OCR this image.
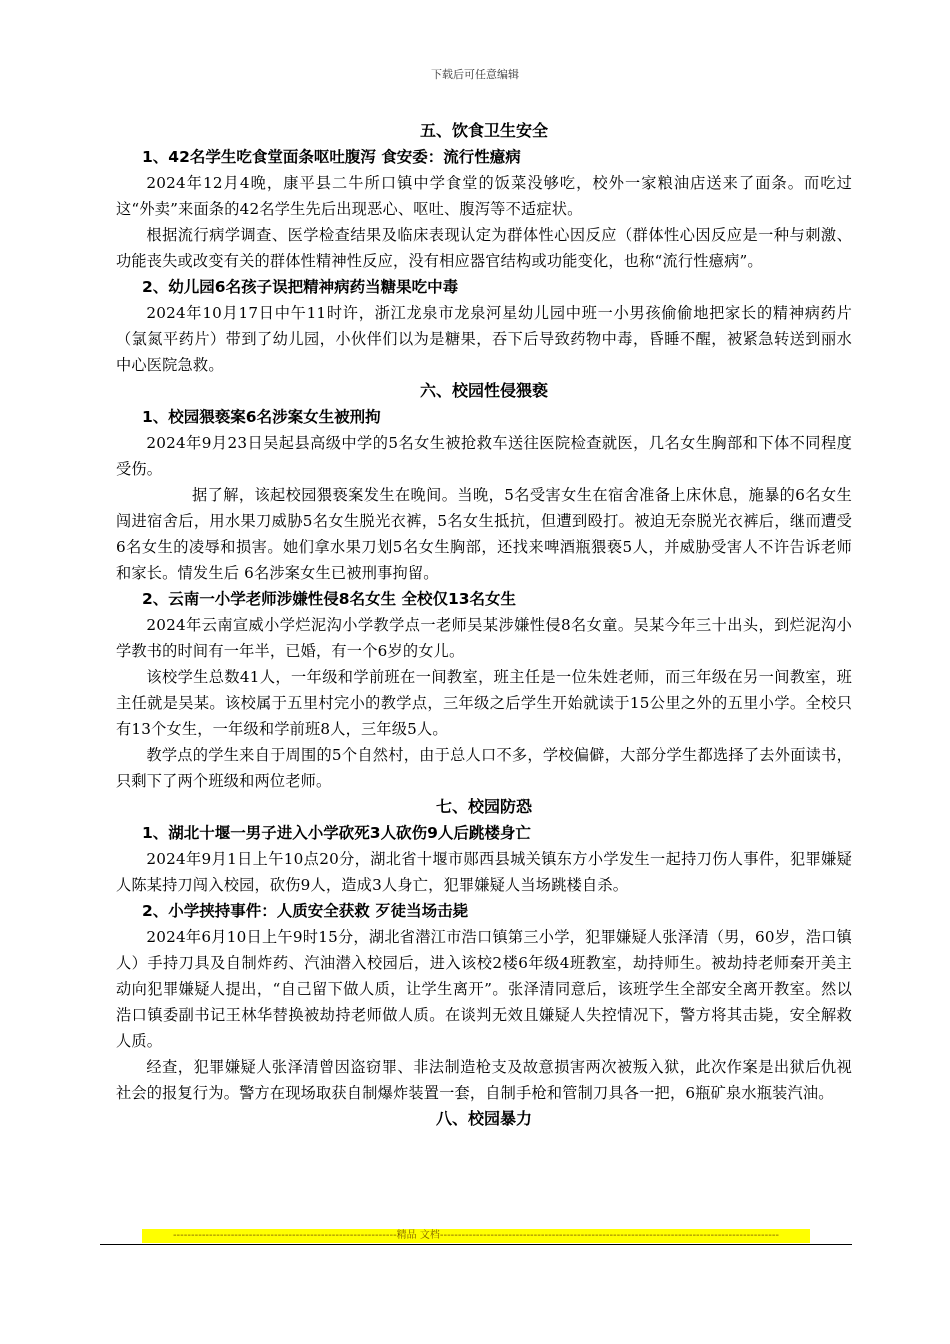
下载后可任意编辑
五、饮食卫生安全
1、42名学生吃食堂面条呕吐腹泻 食安委：流行性癔病

2024年12月4晚，康平县二牛所口镇中学食堂的饭菜没够吃，校外一家粮油店送来了面条。而吃过这“外卖”来面条的42名学生先后出现恶心、呕吐、腹泻等不适症状。

根据流行病学调查、医学检查结果及临床表现认定为群体性心因反应（群体性心因反应是一种与刺激、功能丧失或改变有关的群体性精神性反应，没有相应器官结构或功能变化，也称“流行性癔病”。

2、幼儿园6名孩子误把精神病药当糖果吃中毒

2024年10月17日中午11时许，浙江龙泉市龙泉河星幼儿园中班一小男孩偷偷地把家长的精神病药片（氯氮平药片）带到了幼儿园，小伙伴们以为是糖果，吞下后导致药物中毒，昏睡不醒，被紧急转送到丽水中心医院急救。

六、校园性侵猥亵
1、校园猥亵案6名涉案女生被刑拘

2024年9月23日吴起县高级中学的5名女生被抢救车送往医院检查就医，几名女生胸部和下体不同程度受伤。

据了解，该起校园猥亵案发生在晚间。当晚，5名受害女生在宿舍准备上床休息，施暴的6名女生闯进宿舍后，用水果刀威胁5名女生脱光衣裤，5名女生抵抗，但遭到殴打。被迫无奈脱光衣裤后，继而遭受6名女生的凌辱和损害。她们拿水果刀划5名女生胸部，还找来啤酒瓶猥亵5人，并威胁受害人不许告诉老师和家长。情发生后 6名涉案女生已被刑事拘留。

2、云南一小学老师涉嫌性侵8名女生 全校仅13名女生

2024年云南宣威小学烂泥沟小学教学点一老师吴某涉嫌性侵8名女童。吴某今年三十出头，到烂泥沟小学教书的时间有一年半，已婚，有一个6岁的女儿。

该校学生总数41人，一年级和学前班在一间教室，班主任是一位朱姓老师，而三年级在另一间教室，班主任就是吴某。该校属于五里村完小的教学点，三年级之后学生开始就读于15公里之外的五里小学。全校只有13个女生，一年级和学前班8人，三年级5人。

教学点的学生来自于周围的5个自然村，由于总人口不多，学校偏僻，大部分学生都选择了去外面读书，只剩下了两个班级和两位老师。

七、校园防恐
1、湖北十堰一男子进入小学砍死3人砍伤9人后跳楼身亡

2024年9月1日上午10点20分，湖北省十堰市郧西县城关镇东方小学发生一起持刀伤人事件，犯罪嫌疑人陈某持刀闯入校园，砍伤9人，造成3人身亡，犯罪嫌疑人当场跳楼自杀。

2、小学挟持事件：人质安全获救 歹徒当场击毙

2024年6月10日上午9时15分，湖北省潜江市浩口镇第三小学，犯罪嫌疑人张泽清（男，60岁，浩口镇人）手持刀具及自制炸药、汽油潜入校园后，进入该校2楼6年级4班教室，劫持师生。被劫持老师秦开美主动向犯罪嫌疑人提出，“自己留下做人质，让学生离开”。张泽清同意后，该班学生全部安全离开教室。然以浩口镇委副书记王林华替换被劫持老师做人质。在谈判无效且嫌疑人失控情况下，警方将其击毙，安全解救人质。

经查，犯罪嫌疑人张泽清曾因盗窃罪、非法制造枪支及故意损害两次被叛入狱，此次作案是出狱后仇视社会的报复行为。警方在现场取获自制爆炸装置一套，自制手枪和管制刀具各一把，6瓶矿泉水瓶装汽油。

八、校园暴力
--------------------------------------------------------------精品 文档----------------------------------------------------------------------------------------------
